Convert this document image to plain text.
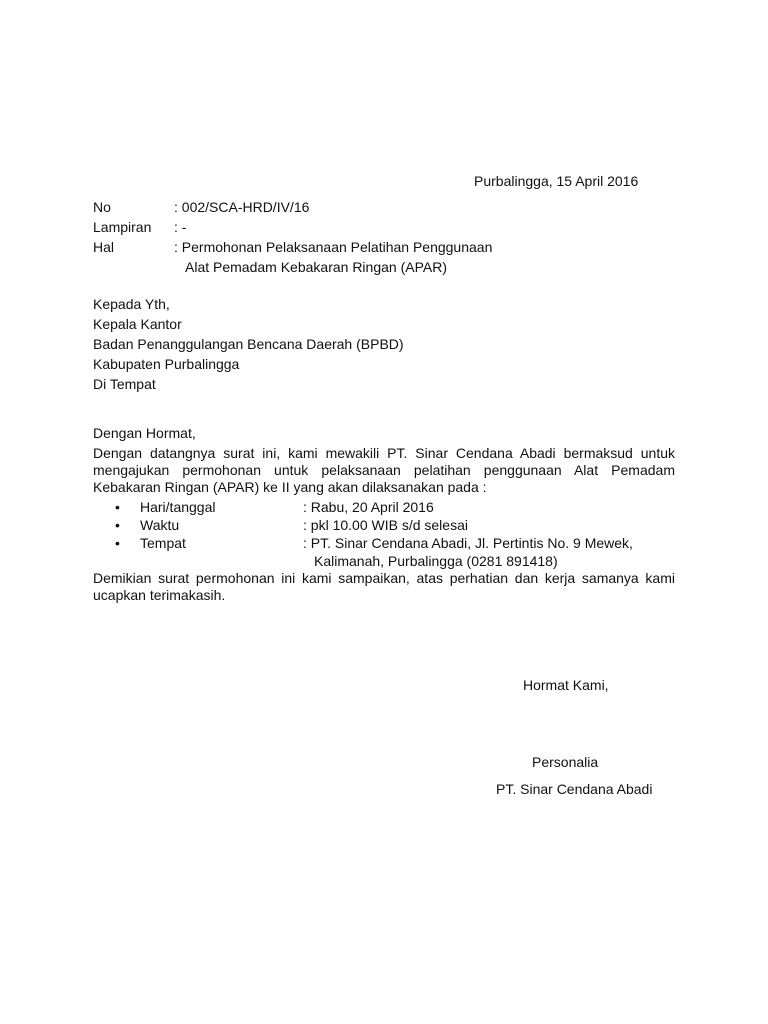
Purbalingga, 15 April 2016
No	: 002/SCA-HRD/IV/16
Lampiran : -
Hal	: Permohonan Pelaksanaan Pelatihan Penggunaan
Alat Pemadam Kebakaran Ringan (APAR)
Kepada Yth,
Kepala Kantor
Badan Penanggulangan Bencana Daerah (BPBD)
Kabupaten Purbalingga
Di Tempat
Dengan Hormat,
Dengan datangnya surat ini, kami mewakili PT. Sinar Cendana Abadi bermaksud untuk
mengajukan permohonan untuk pelaksanaan pelatihan penggunaan Alat Pemadam
Kebakaran Ringan (APAR) ke II yang akan dilaksanakan pada :
• Hari/tanggal	: Rabu, 20 April 2016
• Waktu	: pkl 10.00 WIB s/d selesai
• Tempat	: PT. Sinar Cendana Abadi, Jl. Pertintis No. 9 Mewek,
Kalimanah, Purbalingga (0281 891418)
Demikian surat permohonan ini kami sampaikan, atas perhatian dan kerja samanya kami
ucapkan terimakasih.
Hormat Kami,
Personalia
PT. Sinar Cendana Abadi
